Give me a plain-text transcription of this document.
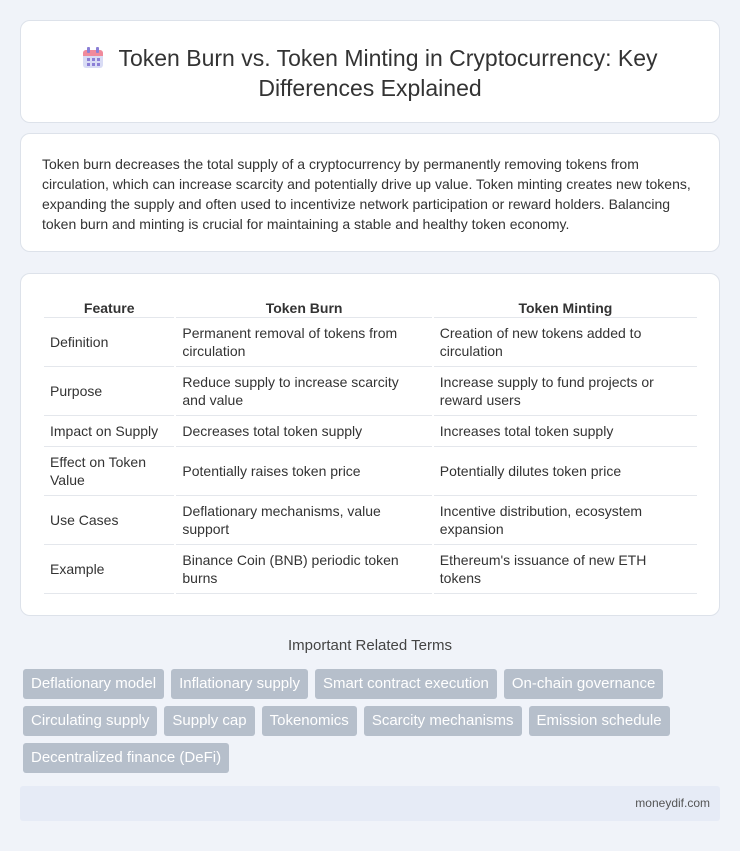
Token Burn vs. Token Minting in Cryptocurrency: Key Differences Explained

Token burn decreases the total supply of a cryptocurrency by permanently removing tokens from circulation, which can increase scarcity and potentially drive up value. Token minting creates new tokens, expanding the supply and often used to incentivize network participation or reward holders. Balancing token burn and minting is crucial for maintaining a stable and healthy token economy.

Feature	Token Burn	Token Minting
Definition	Permanent removal of tokens from circulation	Creation of new tokens added to circulation
Purpose	Reduce supply to increase scarcity and value	Increase supply to fund projects or reward users
Impact on Supply	Decreases total token supply	Increases total token supply
Effect on Token Value	Potentially raises token price	Potentially dilutes token price
Use Cases	Deflationary mechanisms, value support	Incentive distribution, ecosystem expansion
Example	Binance Coin (BNB) periodic token burns	Ethereum's issuance of new ETH tokens
Important Related Terms
Deflationary model	Inflationary supply	Smart contract execution	On-chain governance
Circulating supply	Supply cap	Tokenomics	Scarcity mechanisms	Emission schedule
Decentralized finance (DeFi)
moneydif.com
